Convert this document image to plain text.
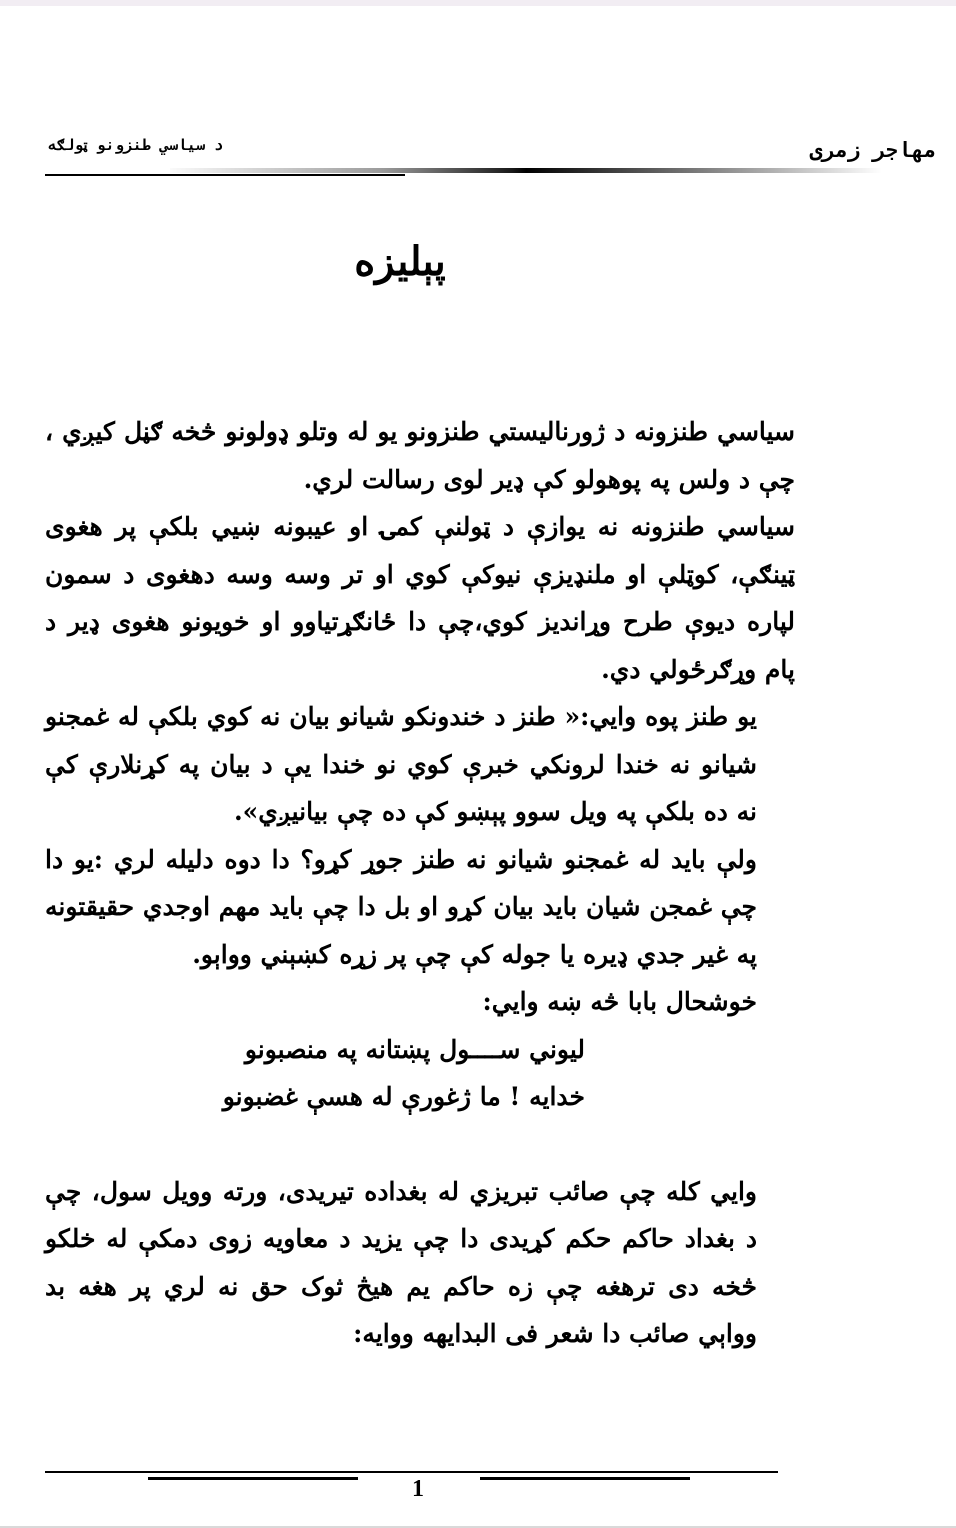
د سیاسي طنزونو ټولګه	مهاجر زمری
پېلیزه

سیاسي طنزونه د ژورنالیستي طنزونو یو له وتلو ډولونو څخه ګڼل کیږي ، چې د ولس په پوهولو کې ډیر لوی رسالت لري.

سیاسي طنزونه نه یوازې د ټولنې کمۍ او عیبونه ښیي بلکې پر هغوی ټینګې، کوټلې او ملنډیزې نیوکې کوي او تر وسه وسه دهغوی د سمون لپاره دیوې طرح وړاندیز کوي،چې دا ځانګړتیاوو او خویونو هغوی ډیر د پام وړګرځولي دي.

یو طنز پوه وایي:« طنز د خندونکو شیانو بیان نه کوي بلکې له غمجنو شیانو نه خندا لرونکي خبرې کوي نو خندا یې د بیان په کړنلارې کې نه ده بلکې په ویل سوو پېښو کې ده چې بیانیږي».

ولې باید له غمجنو شیانو نه طنز جوړ کړو؟ دا دوه دلیله لري :یو دا چې غمجن شیان باید بیان کړو او بل دا چې باید مهم اوجدي حقیقتونه په غیر جدي ډیره یا جوله کې چې پر زړه کښېني وواېو.

خوشحال بابا څه ښه وایي:

لیوني ســــول پښتانه په منصبونو

خدایه ! ما ژغورې له هسې غضبونو

وایي کله چې صائب تبریزي له بغداده تیریدی، ورته وویل سول، چې د بغداد حاکم حکم کړیدی دا چې یزید د معاویه زوی دمکې له خلکو څخه دی ترهغه چې زه حاکم یم هیڅ ثوک حق نه لري پر هغه بد وواېي صائب دا شعر فی البدایهه ووایه:

1
